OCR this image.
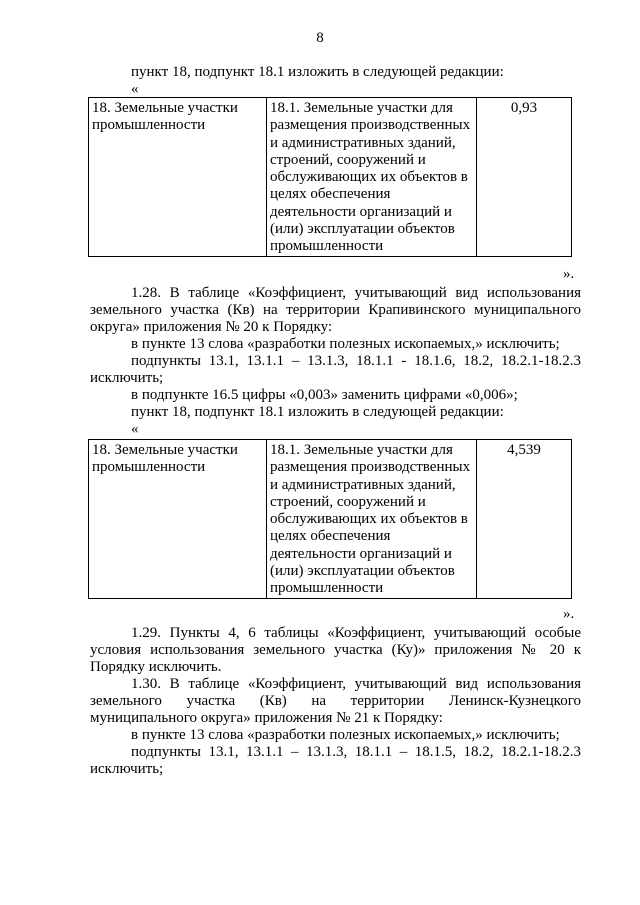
8
пункт 18, подпункт 18.1 изложить в следующей редакции:
«
18. Земельные участки
промышленности

18.1. Земельные участки для
размещения производственных
и административных зданий,
строений, сооружений и
обслуживающих их объектов в
целях обеспечения
деятельности организаций и
(или) эксплуатации объектов
промышленности
	0,93
».
1.28. В таблице «Коэффициент, учитывающий вид использования
земельного участка (Кв) на территории Крапивинского муниципального
округа» приложения № 20 к Порядку:
в пункте 13 слова «разработки полезных ископаемых,» исключить;
подпункты 13.1, 13.1.1 – 13.1.3, 18.1.1 - 18.1.6, 18.2, 18.2.1-18.2.3
исключить;
в подпункте 16.5 цифры «0,003» заменить цифрами «0,006»;
пункт 18, подпункт 18.1 изложить в следующей редакции:
«
18. Земельные участки
промышленности

18.1. Земельные участки для
размещения производственных
и административных зданий,
строений, сооружений и
обслуживающих их объектов в
целях обеспечения
деятельности организаций и
(или) эксплуатации объектов
промышленности
	4,539
».
1.29. Пункты 4, 6 таблицы «Коэффициент, учитывающий особые
условия использования земельного участка (Ку)» приложения № 20 к
Порядку исключить.
1.30. В таблице «Коэффициент, учитывающий вид использования
земельного участка (Кв) на территории Ленинск-Кузнецкого
муниципального округа» приложения № 21 к Порядку:
в пункте 13 слова «разработки полезных ископаемых,» исключить;
подпункты 13.1, 13.1.1 – 13.1.3, 18.1.1 – 18.1.5, 18.2, 18.2.1-18.2.3
исключить;
